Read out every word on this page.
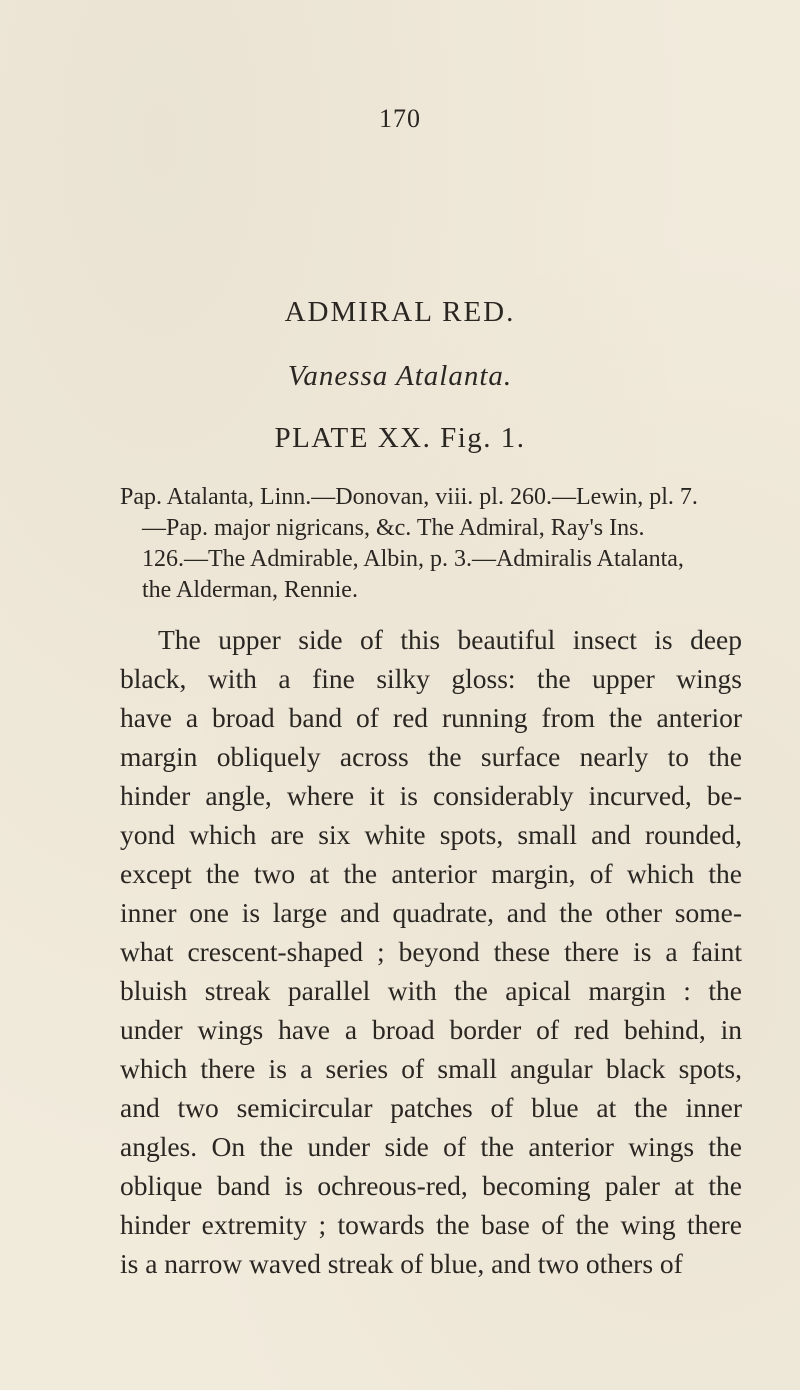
170
ADMIRAL RED.
Vanessa Atalanta.
PLATE XX. Fig. 1.
Pap. Atalanta, Linn.—Donovan, viii. pl. 260.—Lewin, pl. 7.
—Pap. major nigricans, &c. The Admiral, Ray's Ins.
126.—The Admirable, Albin, p. 3.—Admiralis Atalanta,
the Alderman, Rennie.
The upper side of this beautiful insect is deep
black, with a fine silky gloss: the upper wings
have a broad band of red running from the anterior
margin obliquely across the surface nearly to the
hinder angle, where it is considerably incurved, be-
yond which are six white spots, small and rounded,
except the two at the anterior margin, of which the
inner one is large and quadrate, and the other some-
what crescent-shaped ; beyond these there is a faint
bluish streak parallel with the apical margin : the
under wings have a broad border of red behind, in
which there is a series of small angular black spots,
and two semicircular patches of blue at the inner
angles. On the under side of the anterior wings the
oblique band is ochreous-red, becoming paler at the
hinder extremity ; towards the base of the wing there
is a narrow waved streak of blue, and two others of
